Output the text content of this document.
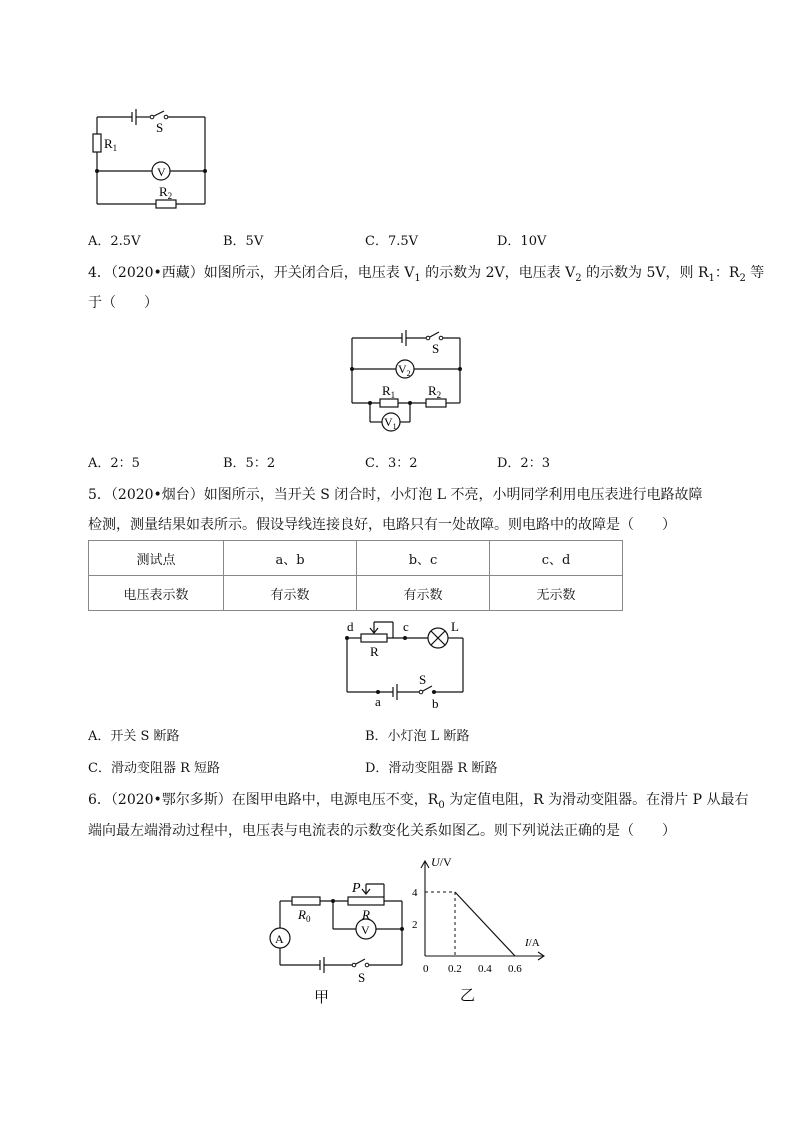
S
$R_1$
V
$R_2$
A．2.5V	B．5V	C．7.5V	D．10V
4．（2020•西藏）如图所示，开关闭合后，电压表 $V_1$ 的示数为 2V，电压表 $V_2$ 的示数为 5V，则 $R_1$：$R_2$ 等
于（　　）
S
$V_2$
$R_1$	$R_2$
$V_1$
A．2：5	B．5：2	C．3：2	D．2：3
5．（2020•烟台）如图所示，当开关 S 闭合时，小灯泡 L 不亮，小明同学利用电压表进行电路故障
检测，测量结果如表所示。假设导线连接良好，电路只有一处故障。则电路中的故障是（　　）
测试点	a、b	b、c	c、d
电压表示数	有示数	有示数	无示数
d	c	L
R
S
a	b
A．开关 S 断路	B．小灯泡 L 断路
C．滑动变阻器 R 短路	D．滑动变阻器 R 断路
6．（2020•鄂尔多斯）在图甲电路中，电源电压不变，$R_0$ 为定值电阻，R 为滑动变阻器。在滑片 P 从最右
端向最左端滑动过程中，电压表与电流表的示数变化关系如图乙。则下列说法正确的是（　　）
$R_0$
P
R
A
V
S
甲
U/V
I/A
4
2
0 0.2 0.4 0.6
乙
